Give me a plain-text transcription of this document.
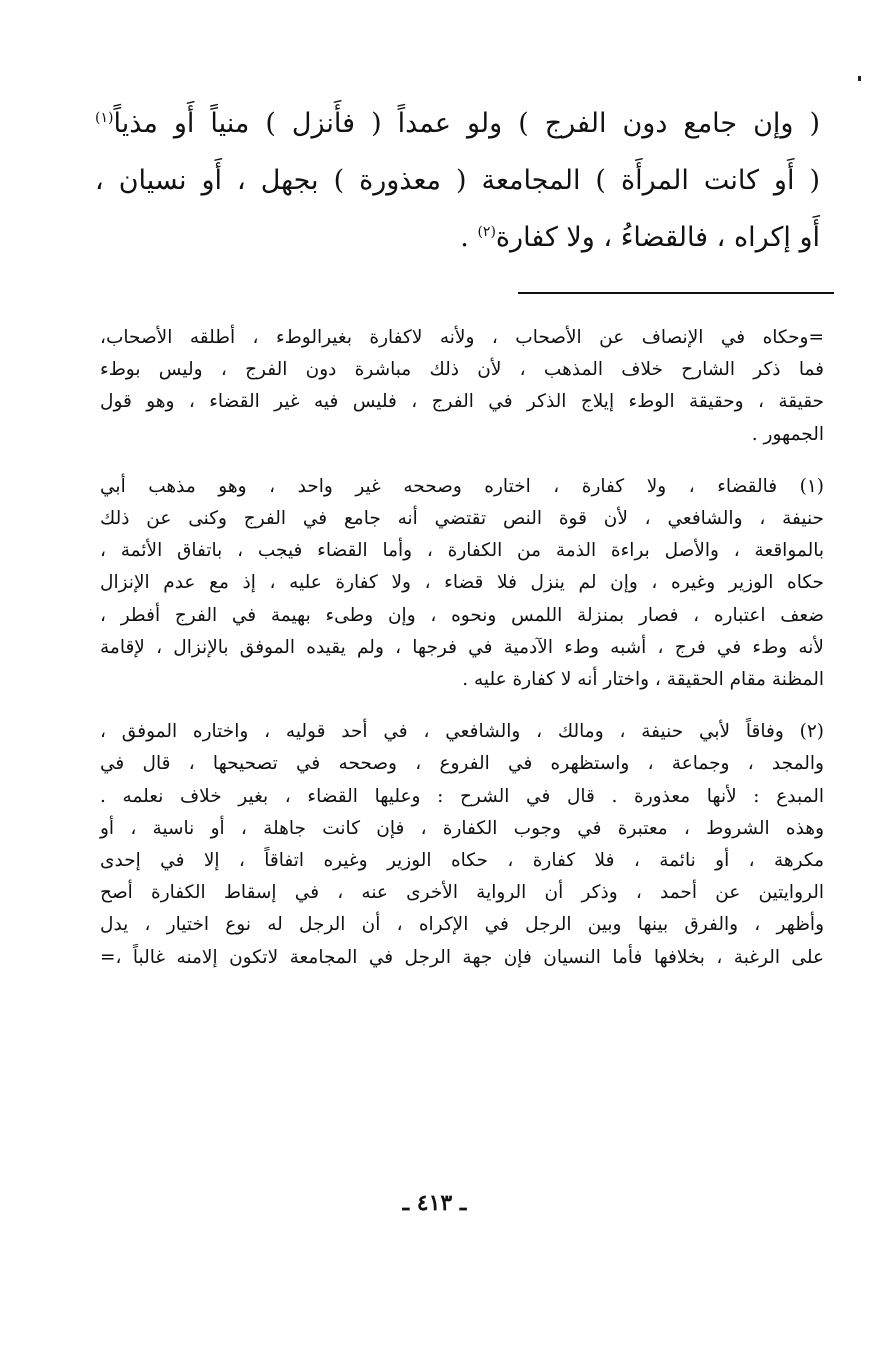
( وإن جامع دون الفرج ) ولو عمداً ( فأَنزل ) منياً أَو مذياً$^{(١)}$
( أَو كانت المرأَة ) المجامعة ( معذورة ) بجهل ، أَو نسيان ،
أَو إكراه ، فالقضاءُ ، ولا كفارة$^{(٢)}$ .
=وحكاه في الإنصاف عن الأصحاب ، ولأنه لاكفارة بغيرالوطء ، أطلقه الأصحاب،
فما ذكر الشارح خلاف المذهب ، لأن ذلك مباشرة دون الفرج ، وليس بوطء
حقيقة ، وحقيقة الوطء إيلاج الذكر في الفرج ، فليس فيه غير القضاء ، وهو قول
الجمهور .
(١) فالقضاء ، ولا كفارة ، اختاره وصححه غير واحد ، وهو مذهب أبي
حنيفة ، والشافعي ، لأن قوة النص تقتضي أنه جامع في الفرج وكنى عن ذلك
بالمواقعة ، والأصل براءة الذمة من الكفارة ، وأما القضاء فيجب ، باتفاق الأئمة ،
حكاه الوزير وغيره ، وإن لم ينزل فلا قضاء ، ولا كفارة عليه ، إذ مع عدم الإنزال
ضعف اعتباره ، فصار بمنزلة اللمس ونحوه ، وإن وطىء بهيمة في الفرج أفطر ،
لأنه وطء في فرج ، أشبه وطء الآدمية في فرجها ، ولم يقيده الموفق بالإنزال ، لإقامة
المظنة مقام الحقيقة ، واختار أنه لا كفارة عليه .
(٢) وفاقاً لأبي حنيفة ، ومالك ، والشافعي ، في أحد قوليه ، واختاره الموفق ،
والمجد ، وجماعة ، واستظهره في الفروع ، وصححه في تصحيحها ، قال في
المبدع : لأنها معذورة . قال في الشرح : وعليها القضاء ، بغير خلاف نعلمه .
وهذه الشروط ، معتبرة في وجوب الكفارة ، فإن كانت جاهلة ، أو ناسية ، أو
مكرهة ، أو نائمة ، فلا كفارة ، حكاه الوزير وغيره اتفاقاً ، إلا في إحدى
الروايتين عن أحمد ، وذكر أن الرواية الأخرى عنه ، في إسقاط الكفارة أصح
وأظهر ، والفرق بينها وبين الرجل في الإكراه ، أن الرجل له نوع اختيار ، يدل
على الرغبة ، بخلافها فأما النسيان فإن جهة الرجل في المجامعة لاتكون إلامنه غالباً ،=
ـ ٤١٣ ـ
